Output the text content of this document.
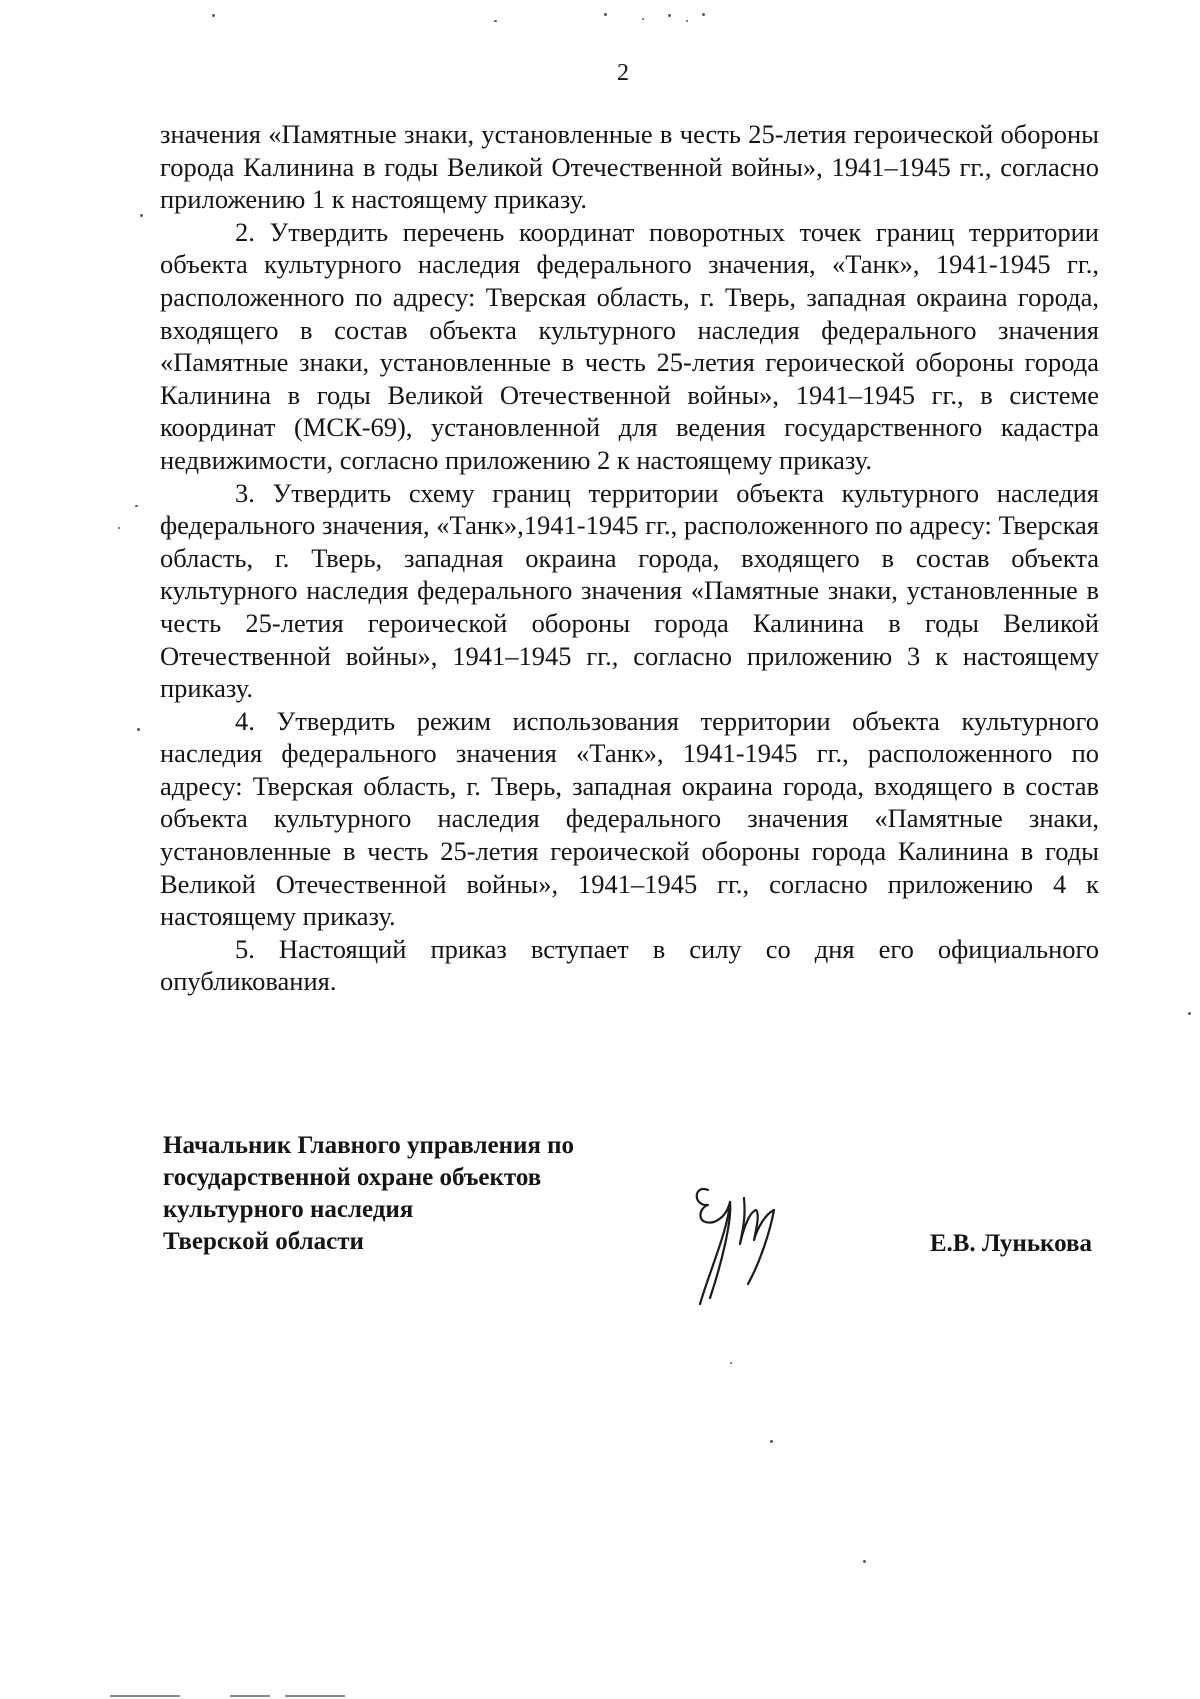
2

значения «Памятные знаки, установленные в честь 25-летия героической обороны города Калинина в годы Великой Отечественной войны», 1941–1945 гг., согласно приложению 1 к настоящему приказу.

2. Утвердить перечень координат поворотных точек границ территории объекта культурного наследия федерального значения, «Танк», 1941-1945 гг., расположенного по адресу: Тверская область, г. Тверь, западная окраина города, входящего в состав объекта культурного наследия федерального значения «Памятные знаки, установленные в честь 25-летия героической обороны города Калинина в годы Великой Отечественной войны», 1941–1945 гг., в системе координат (МСК-69), установленной для ведения государственного кадастра недвижимости, согласно приложению 2 к настоящему приказу.

3. Утвердить схему границ территории объекта культурного наследия федерального значения, «Танк»,1941-1945 гг., расположенного по адресу: Тверская область, г. Тверь, западная окраина города, входящего в состав объекта культурного наследия федерального значения «Памятные знаки, установленные в честь 25-летия героической обороны города Калинина в годы Великой Отечественной войны», 1941–1945 гг., согласно приложению 3 к настоящему приказу.

4. Утвердить режим использования территории объекта культурного наследия федерального значения «Танк», 1941-1945 гг., расположенного по адресу: Тверская область, г. Тверь, западная окраина города, входящего в состав объекта культурного наследия федерального значения «Памятные знаки, установленные в честь 25-летия героической обороны города Калинина в годы Великой Отечественной войны», 1941–1945 гг., согласно приложению 4 к настоящему приказу.

5. Настоящий приказ вступает в силу со дня его официального опубликования.

Начальник Главного управления по
государственной охране объектов
культурного наследия
Тверской области	Е.В. Лунькова
